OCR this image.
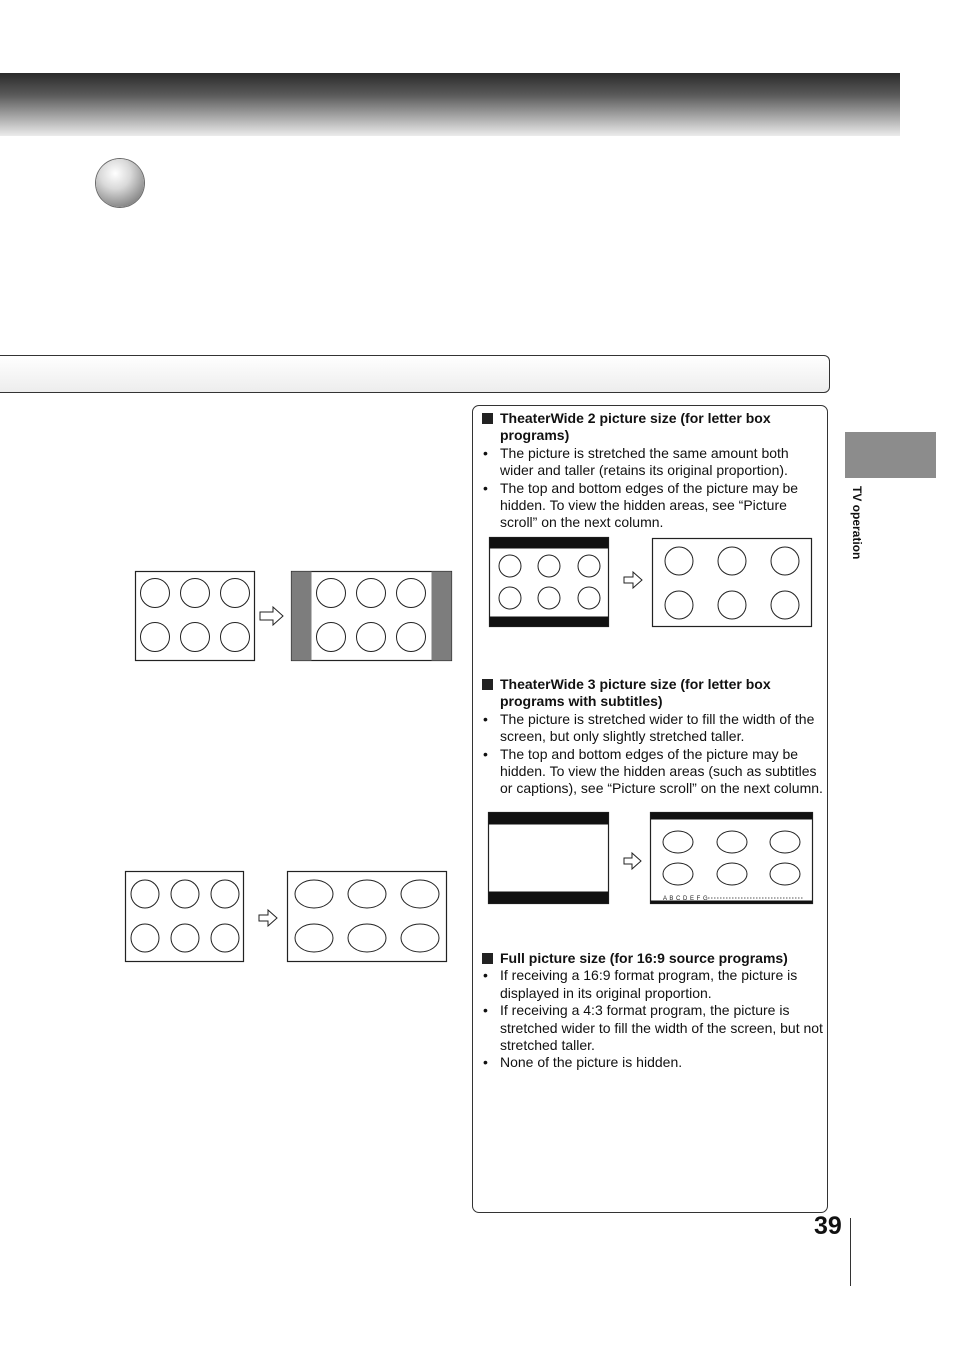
TV operation
TheaterWide 2 picture size (for letter box programs)
• The picture is stretched the same amount both wider and taller (retains its original proportion).
• The top and bottom edges of the picture may be hidden. To view the hidden areas, see “Picture scroll” on the next column.
TheaterWide 3 picture size (for letter box programs with subtitles)
• The picture is stretched wider to fill the width of the screen, but only slightly stretched taller.
• The top and bottom edges of the picture may be hidden. To view the hidden areas (such as subtitles or captions), see “Picture scroll” on the next column.
A B C D E F G
Full picture size (for 16:9 source programs)
• If receiving a 16:9 format program, the picture is displayed in its original proportion.
• If receiving a 4:3 format program, the picture is stretched wider to fill the width of the screen, but not stretched taller.
• None of the picture is hidden.
39
